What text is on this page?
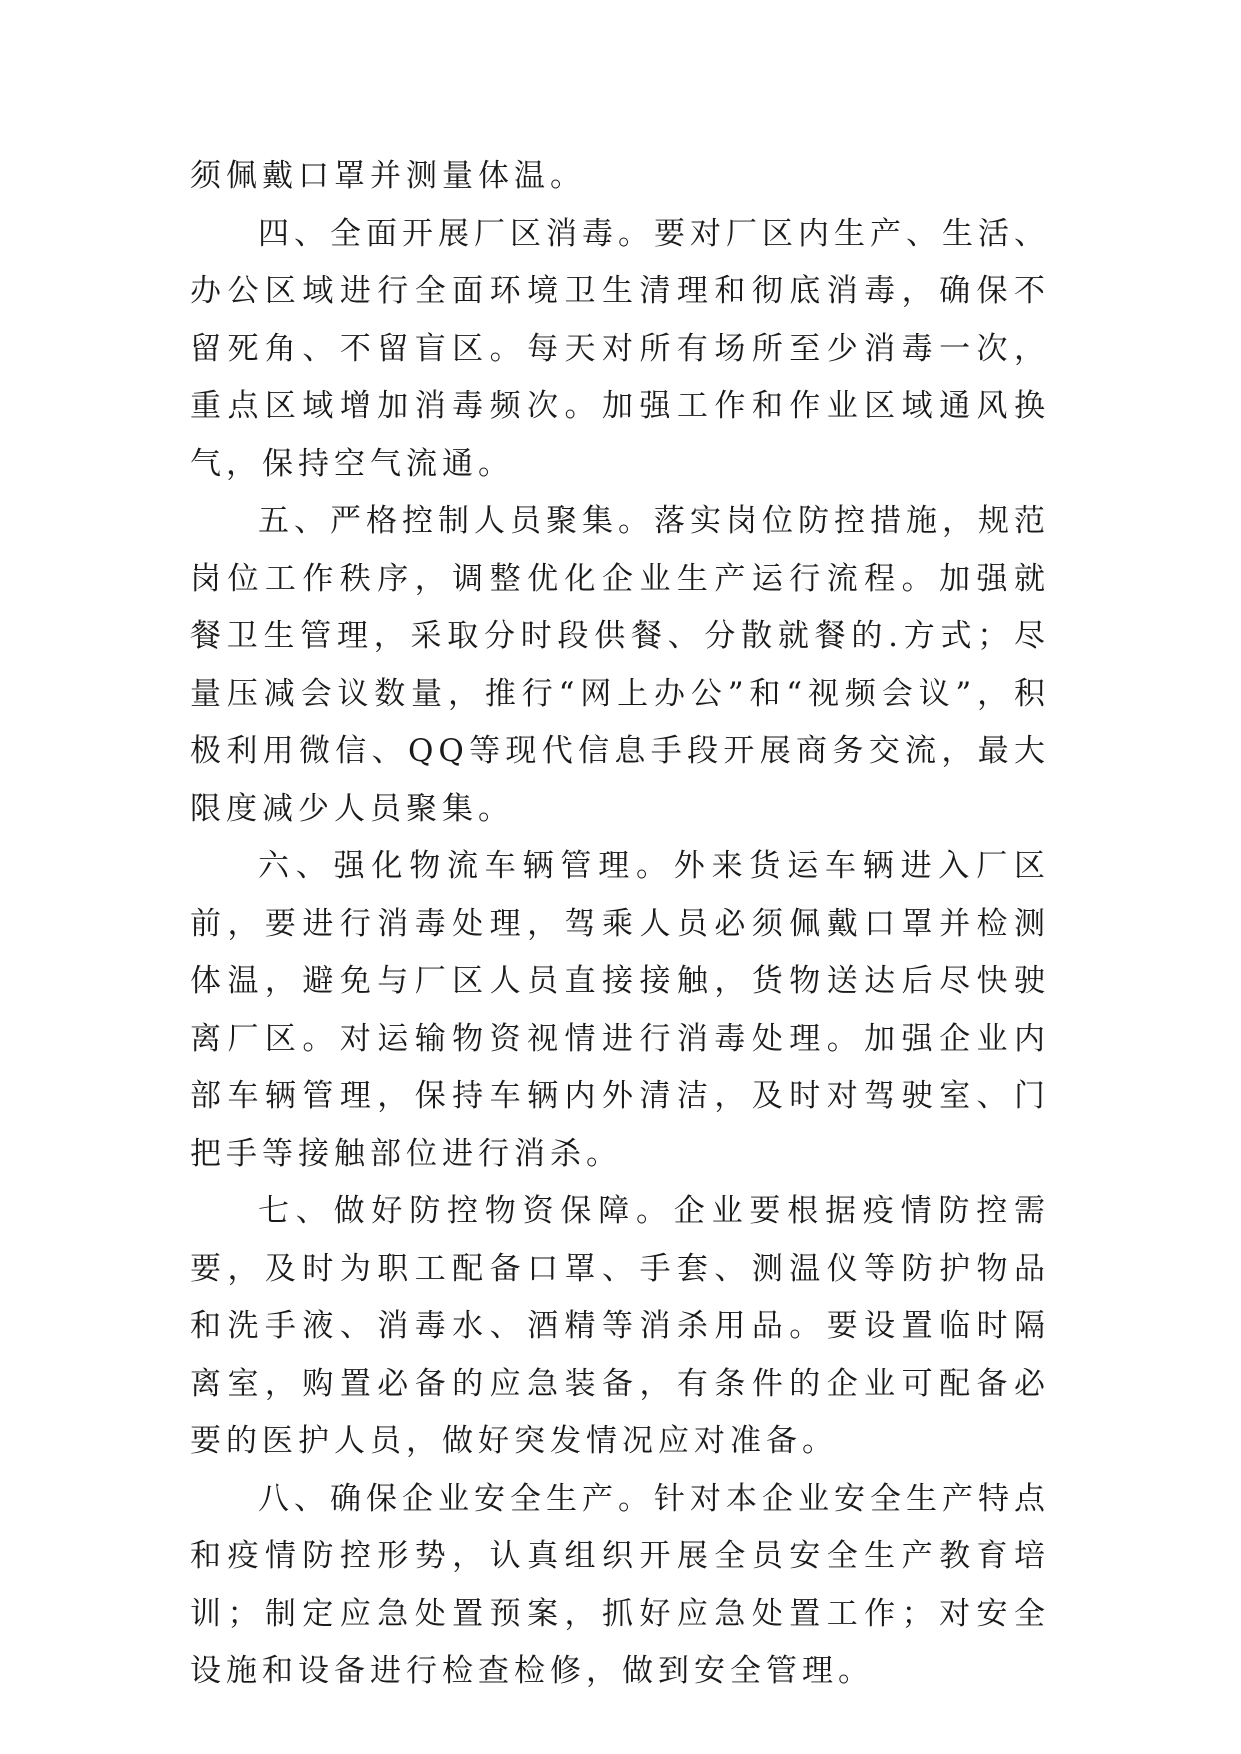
须佩戴口罩并测量体温。

四、全面开展厂区消毒。要对厂区内生产、生活、办公区域进行全面环境卫生清理和彻底消毒，确保不留死角、不留盲区。每天对所有场所至少消毒一次，重点区域增加消毒频次。加强工作和作业区域通风换气，保持空气流通。

五、严格控制人员聚集。落实岗位防控措施，规范岗位工作秩序，调整优化企业生产运行流程。加强就餐卫生管理，采取分时段供餐、分散就餐的.方式；尽量压减会议数量，推行“网上办公”和“视频会议”，积极利用微信、QQ等现代信息手段开展商务交流，最大限度减少人员聚集。

六、强化物流车辆管理。外来货运车辆进入厂区前，要进行消毒处理，驾乘人员必须佩戴口罩并检测体温，避免与厂区人员直接接触，货物送达后尽快驶离厂区。对运输物资视情进行消毒处理。加强企业内部车辆管理，保持车辆内外清洁，及时对驾驶室、门把手等接触部位进行消杀。

七、做好防控物资保障。企业要根据疫情防控需要，及时为职工配备口罩、手套、测温仪等防护物品和洗手液、消毒水、酒精等消杀用品。要设置临时隔离室，购置必备的应急装备，有条件的企业可配备必要的医护人员，做好突发情况应对准备。

八、确保企业安全生产。针对本企业安全生产特点和疫情防控形势，认真组织开展全员安全生产教育培训；制定应急处置预案，抓好应急处置工作；对安全设施和设备进行检查检修，做到安全管理。
